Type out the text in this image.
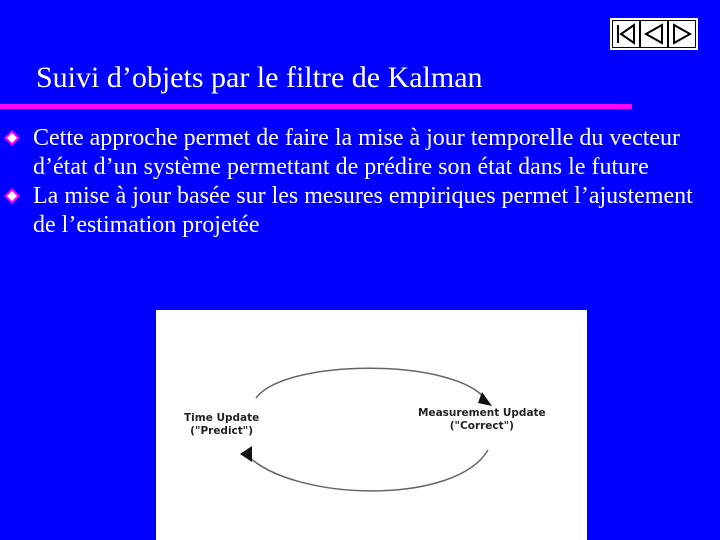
Suivi d’objets par le filtre de Kalman
Cette approche permet de faire la mise à jour temporelle du vecteur d’état d’un système permettant de prédire son état dans le future
La mise à jour basée sur les mesures empiriques permet l’ajustement de l’estimation projetée
Time Update
("Predict")
Measurement Update
("Correct")
